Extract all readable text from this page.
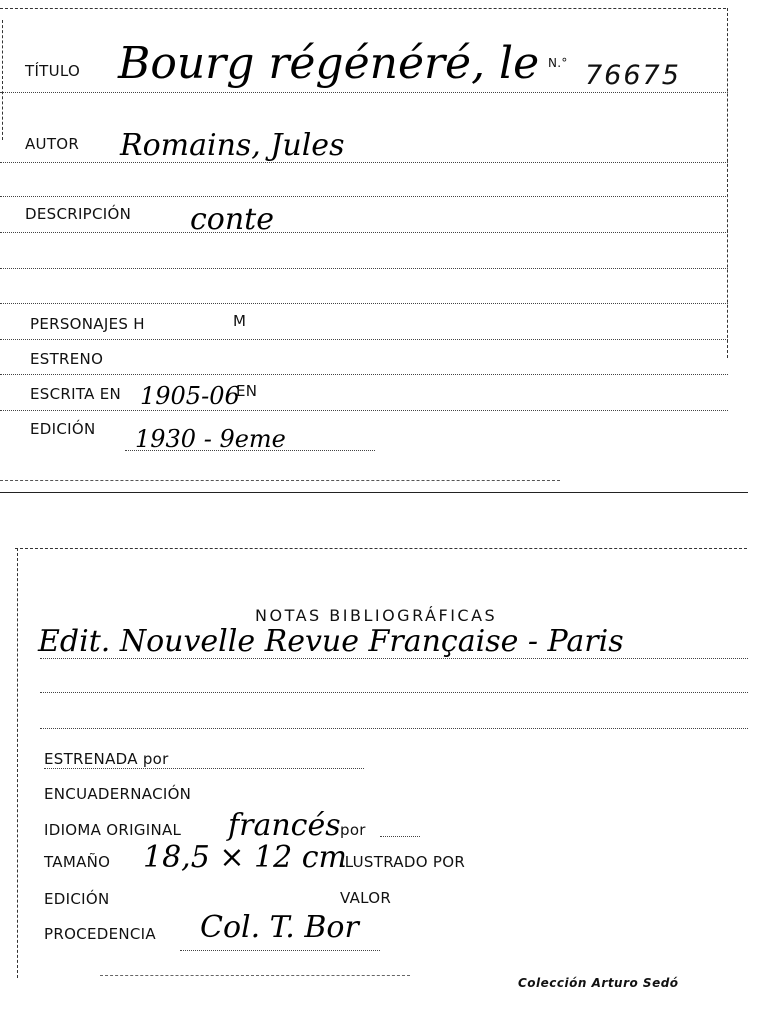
TÍTULO Bourg régénéré, le N.° 76675
AUTOR Romains, Jules
DESCRIPCIÓN conte
PERSONAJES H	M
ESTRENO
ESCRITA EN 1905-06
EN
EDICIÓN 1930 - 9eme
NOTAS BIBLIOGRÁFICAS
Edit. Nouvelle Revue Française - Paris
ESTRENADA por
ENCUADERNACIÓN
IDIOMA ORIGINAL francés por
TAMAÑO 18,5 × 12 cm
ILUSTRADO POR
EDICIÓN	VALOR
PROCEDENCIA Col. T. Bor
Colección Arturo Sedó
